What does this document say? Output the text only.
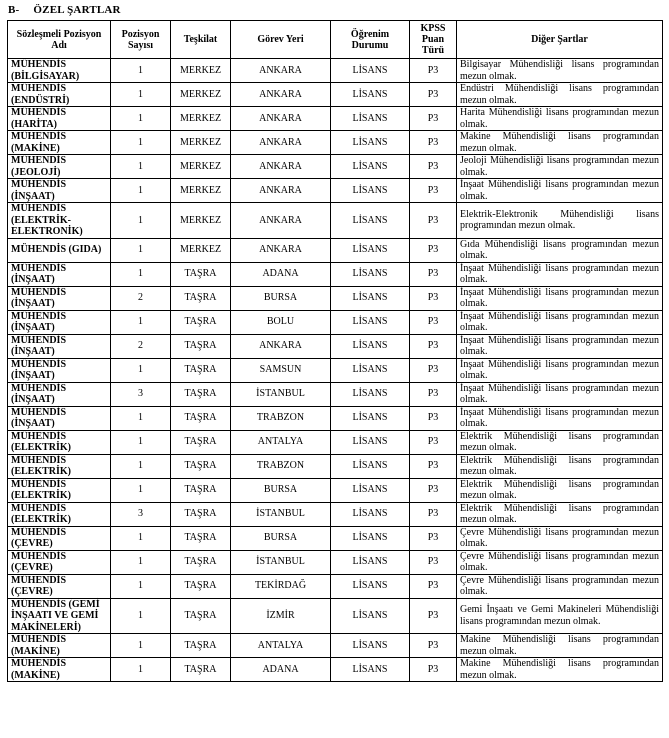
B- ÖZEL ŞARTLAR
Sözleşmeli Pozisyon Adı	Pozisyon Sayısı	Teşkilat	Görev Yeri	Öğrenim Durumu	KPSS Puan Türü	Diğer Şartlar
MÜHENDİS (BİLGİSAYAR)	1	MERKEZ	ANKARA	LİSANS	P3	Bilgisayar Mühendisliği lisans programından mezun olmak.
MÜHENDİS (ENDÜSTRİ)	1	MERKEZ	ANKARA	LİSANS	P3	Endüstri Mühendisliği lisans programından mezun olmak.
MÜHENDİS (HARİTA)	1	MERKEZ	ANKARA	LİSANS	P3	Harita Mühendisliği lisans programından mezun olmak.
MÜHENDİS (MAKİNE)	1	MERKEZ	ANKARA	LİSANS	P3	Makine Mühendisliği lisans programından mezun olmak.
MÜHENDİS (JEOLOJİ)	1	MERKEZ	ANKARA	LİSANS	P3	Jeoloji Mühendisliği lisans programından mezun olmak.
MÜHENDİS (İNŞAAT)	1	MERKEZ	ANKARA	LİSANS	P3	İnşaat Mühendisliği lisans programından mezun olmak.
MÜHENDİS (ELEKTRİK-ELEKTRONİK)	1	MERKEZ	ANKARA	LİSANS	P3	Elektrik-Elektronik Mühendisliği lisans programından mezun olmak.
MÜHENDİS (GIDA)	1	MERKEZ	ANKARA	LİSANS	P3	Gıda Mühendisliği lisans programından mezun olmak.
MÜHENDİS (İNŞAAT)	1	TAŞRA	ADANA	LİSANS	P3	İnşaat Mühendisliği lisans programından mezun olmak.
MÜHENDİS (İNŞAAT)	2	TAŞRA	BURSA	LİSANS	P3	İnşaat Mühendisliği lisans programından mezun olmak.
MÜHENDİS (İNŞAAT)	1	TAŞRA	BOLU	LİSANS	P3	İnşaat Mühendisliği lisans programından mezun olmak.
MÜHENDİS (İNŞAAT)	2	TAŞRA	ANKARA	LİSANS	P3	İnşaat Mühendisliği lisans programından mezun olmak.
MÜHENDİS (İNŞAAT)	1	TAŞRA	SAMSUN	LİSANS	P3	İnşaat Mühendisliği lisans programından mezun olmak.
MÜHENDİS (İNŞAAT)	3	TAŞRA	İSTANBUL	LİSANS	P3	İnşaat Mühendisliği lisans programından mezun olmak.
MÜHENDİS (İNŞAAT)	1	TAŞRA	TRABZON	LİSANS	P3	İnşaat Mühendisliği lisans programından mezun olmak.
MÜHENDİS (ELEKTRİK)	1	TAŞRA	ANTALYA	LİSANS	P3	Elektrik Mühendisliği lisans programından mezun olmak.
MÜHENDİS (ELEKTRİK)	1	TAŞRA	TRABZON	LİSANS	P3	Elektrik Mühendisliği lisans programından mezun olmak.
MÜHENDİS (ELEKTRİK)	1	TAŞRA	BURSA	LİSANS	P3	Elektrik Mühendisliği lisans programından mezun olmak.
MÜHENDİS (ELEKTRİK)	3	TAŞRA	İSTANBUL	LİSANS	P3	Elektrik Mühendisliği lisans programından mezun olmak.
MÜHENDİS (ÇEVRE)	1	TAŞRA	BURSA	LİSANS	P3	Çevre Mühendisliği lisans programından mezun olmak.
MÜHENDİS (ÇEVRE)	1	TAŞRA	İSTANBUL	LİSANS	P3	Çevre Mühendisliği lisans programından mezun olmak.
MÜHENDİS (ÇEVRE)	1	TAŞRA	TEKİRDAĞ	LİSANS	P3	Çevre Mühendisliği lisans programından mezun olmak.
MÜHENDİS (GEMİ İNŞAATI VE GEMİ MAKİNELERİ)	1	TAŞRA	İZMİR	LİSANS	P3	Gemi İnşaatı ve Gemi Makineleri Mühendisliği lisans programından mezun olmak.
MÜHENDİS (MAKİNE)	1	TAŞRA	ANTALYA	LİSANS	P3	Makine Mühendisliği lisans programından mezun olmak.
MÜHENDİS (MAKİNE)	1	TAŞRA	ADANA	LİSANS	P3	Makine Mühendisliği lisans programından mezun olmak.
